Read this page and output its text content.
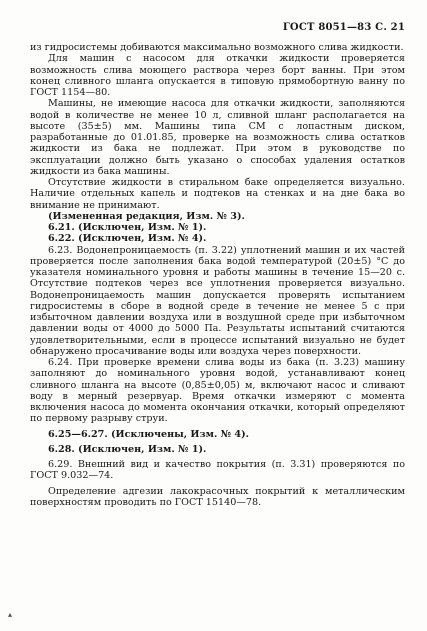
ГОСТ 8051—83 С. 21

из гидросистемы добиваются максимально возможного слива жидкости.

Для машин с насосом для откачки жидкости проверяется возможность слива моющего раствора через борт ванны. При этом конец сливного шланга опускается в типовую прямобортную ванну по ГОСТ 1154—80.

Машины, не имеющие насоса для откачки жидкости, заполняются водой в количестве не менее 10 л, сливной шланг располагается на высоте (35±5) мм. Машины типа СМ с лопастным диском, разработанные до 01.01.85, проверке на возможность слива остатков жидкости из бака не подлежат. При этом в руководстве по эксплуатации должно быть указано о способах удаления остатков жидкости из бака машины.

Отсутствие жидкости в стиральном баке определяется визуально. Наличие отдельных капель и подтеков на стенках и на дне бака во внимание не принимают.

(Измененная редакция, Изм. № 3).

6.21. (Исключен, Изм. № 1).

6.22. (Исключен, Изм. № 4).

6.23. Водонепроницаемость (п. 3.22) уплотнений машин и их частей проверяется после заполнения бака водой температурой (20±5) °С до указателя номинального уровня и работы машины в течение 15—20 с. Отсутствие подтеков через все уплотнения проверяется визуально. Водонепроницаемость машин допускается проверять испытанием гидросистемы в сборе в водной среде в течение не менее 5 с при избыточном давлении воздуха или в воздушной среде при избыточном давлении воды от 4000 до 5000 Па. Результаты испытаний считаются удовлетворительными, если в процессе испытаний визуально не будет обнаружено просачивание воды или воздуха через поверхности.

6.24. При проверке времени слива воды из бака (п. 3.23) машину заполняют до номинального уровня водой, устанавливают конец сливного шланга на высоте (0,85±0,05) м, включают насос и сливают воду в мерный резервуар. Время откачки измеряют с момента включения насоса до момента окончания откачки, который определяют по первому разрыву струи.

6.25—6.27. (Исключены, Изм. № 4).

6.28. (Исключен, Изм. № 1).

6.29. Внешний вид и качество покрытия (п. 3.31) проверяются по ГОСТ 9.032—74.

Определение адгезии лакокрасочных покрытий к металлическим поверхностям проводить по ГОСТ 15140—78.

▴
